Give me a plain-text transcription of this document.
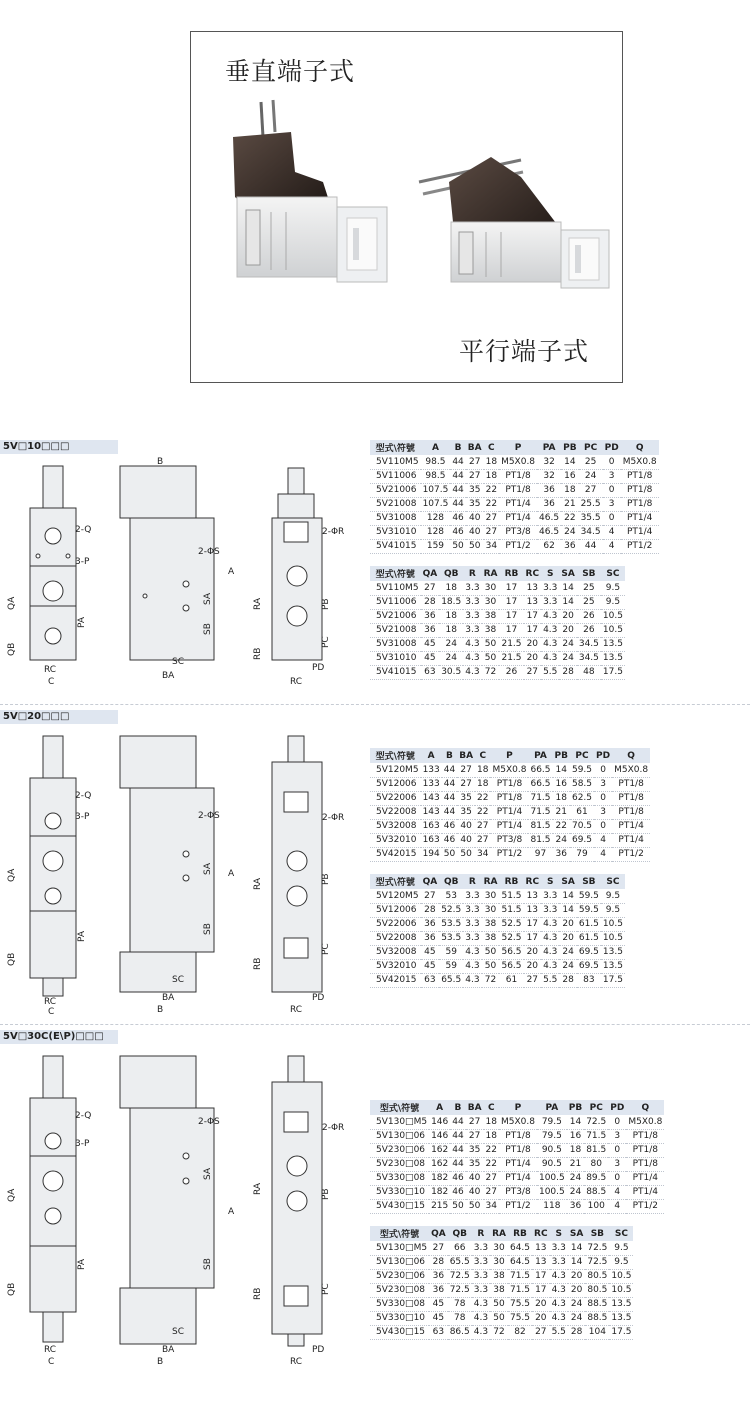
垂直端子式
平行端子式
5V□10□□□
2-Q
3-P
QA
QB
PA
RC
C
B
2-ΦS
A
SA
SB
SC
BA
2-ΦR
RA
RB
PB
PC
PD
RC
型式\符號	A	B	BA	C	P	PA	PB	PC	PD	Q
5V110M5	98.5	44	27	18	M5X0.8	32	14	25	0	M5X0.8
5V11006	98.5	44	27	18	PT1/8	32	16	24	3	PT1/8
5V21006	107.5	44	35	22	PT1/8	36	18	27	0	PT1/8
5V21008	107.5	44	35	22	PT1/4	36	21	25.5	3	PT1/8
5V31008	128	46	40	27	PT1/4	46.5	22	35.5	0	PT1/4
5V31010	128	46	40	27	PT3/8	46.5	24	34.5	4	PT1/4
5V41015	159	50	50	34	PT1/2	62	36	44	4	PT1/2
型式\符號	QA	QB	R	RA	RB	RC	S	SA	SB	SC
5V110M5	27	18	3.3	30	17	13	3.3	14	25	9.5
5V11006	28	18.5	3.3	30	17	13	3.3	14	25	9.5
5V21006	36	18	3.3	38	17	17	4.3	20	26	10.5
5V21008	36	18	3.3	38	17	17	4.3	20	26	10.5
5V31008	45	24	4.3	50	21.5	20	4.3	24	34.5	13.5
5V31010	45	24	4.3	50	21.5	20	4.3	24	34.5	13.5
5V41015	63	30.5	4.3	72	26	27	5.5	28	48	17.5
5V□20□□□
2-Q
3-P
QA
QB
PA
RC
C
2-ΦS
A
SA
SB
SC
BA
B
2-ΦR
RA
RB
PB
PC
PD
RC
型式\符號	A	B	BA	C	P	PA	PB	PC	PD	Q
5V120M5	133	44	27	18	M5X0.8	66.5	14	59.5	0	M5X0.8
5V12006	133	44	27	18	PT1/8	66.5	16	58.5	3	PT1/8
5V22006	143	44	35	22	PT1/8	71.5	18	62.5	0	PT1/8
5V22008	143	44	35	22	PT1/4	71.5	21	61	3	PT1/8
5V32008	163	46	40	27	PT1/4	81.5	22	70.5	0	PT1/4
5V32010	163	46	40	27	PT3/8	81.5	24	69.5	4	PT1/4
5V42015	194	50	50	34	PT1/2	97	36	79	4	PT1/2
型式\符號	QA	QB	R	RA	RB	RC	S	SA	SB	SC
5V120M5	27	53	3.3	30	51.5	13	3.3	14	59.5	9.5
5V12006	28	52.5	3.3	30	51.5	13	3.3	14	59.5	9.5
5V22006	36	53.5	3.3	38	52.5	17	4.3	20	61.5	10.5
5V22008	36	53.5	3.3	38	52.5	17	4.3	20	61.5	10.5
5V32008	45	59	4.3	50	56.5	20	4.3	24	69.5	13.5
5V32010	45	59	4.3	50	56.5	20	4.3	24	69.5	13.5
5V42015	63	65.5	4.3	72	61	27	5.5	28	83	17.5
5V□30C(E\P)□□□
2-Q
3-P
QA
QB
PA
RC
C
2-ΦS
A
SA
SB
SC
BA
B
2-ΦR
RA
RB
PB
PC
PD
RC
型式\符號	A	B	BA	C	P	PA	PB	PC	PD	Q
5V130□M5	146	44	27	18	M5X0.8	79.5	14	72.5	0	M5X0.8
5V130□06	146	44	27	18	PT1/8	79.5	16	71.5	3	PT1/8
5V230□06	162	44	35	22	PT1/8	90.5	18	81.5	0	PT1/8
5V230□08	162	44	35	22	PT1/4	90.5	21	80	3	PT1/8
5V330□08	182	46	40	27	PT1/4	100.5	24	89.5	0	PT1/4
5V330□10	182	46	40	27	PT3/8	100.5	24	88.5	4	PT1/4
5V430□15	215	50	50	34	PT1/2	118	36	100	4	PT1/2
型式\符號	QA	QB	R	RA	RB	RC	S	SA	SB	SC
5V130□M5	27	66	3.3	30	64.5	13	3.3	14	72.5	9.5
5V130□06	28	65.5	3.3	30	64.5	13	3.3	14	72.5	9.5
5V230□06	36	72.5	3.3	38	71.5	17	4.3	20	80.5	10.5
5V230□08	36	72.5	3.3	38	71.5	17	4.3	20	80.5	10.5
5V330□08	45	78	4.3	50	75.5	20	4.3	24	88.5	13.5
5V330□10	45	78	4.3	50	75.5	20	4.3	24	88.5	13.5
5V430□15	63	86.5	4.3	72	82	27	5.5	28	104	17.5
